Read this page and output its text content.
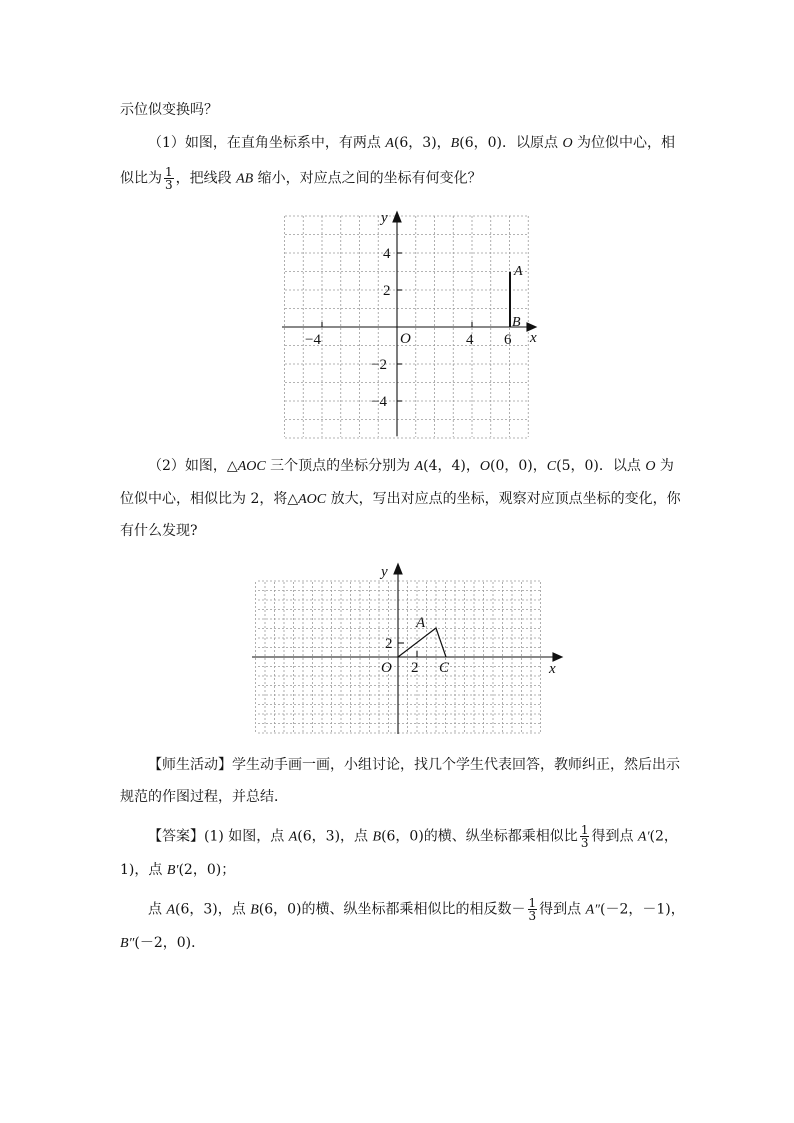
示位似变换吗？
（1）如图，在直角坐标系中，有两点 A(6，3)，B(6，0)．以原点 O 为位似中心，相
似比为 $\frac{1}{3}$ ，把线段 AB 缩小，对应点之间的坐标有何变化？
A
B
x
y
O
−4	4 6
4
2
−2
−4
（2）如图，△AOC 三个顶点的坐标分别为 A(4，4)，O(0，0)，C(5，0)．以点 O 为
位似中心，相似比为 2，将△AOC 放大，写出对应点的坐标，观察对应顶点坐标的变化，你
有什么发现?
A
C
O 2
2
x
y
【师生活动】学生动手画一画，小组讨论，找几个学生代表回答，教师纠正，然后出示
规范的作图过程，并总结．
【答案】(1) 如图，点 A(6，3)，点 B(6，0)的横、纵坐标都乘相似比 $\frac{1}{3}$ 得到点 A′(2，
1)，点 B′(2，0)；
点 A(6，3)，点 B(6，0)的横、纵坐标都乘相似比的相反数－ $\frac{1}{3}$ 得到点 A″(－2，－1)，
B″(－2，0)．
